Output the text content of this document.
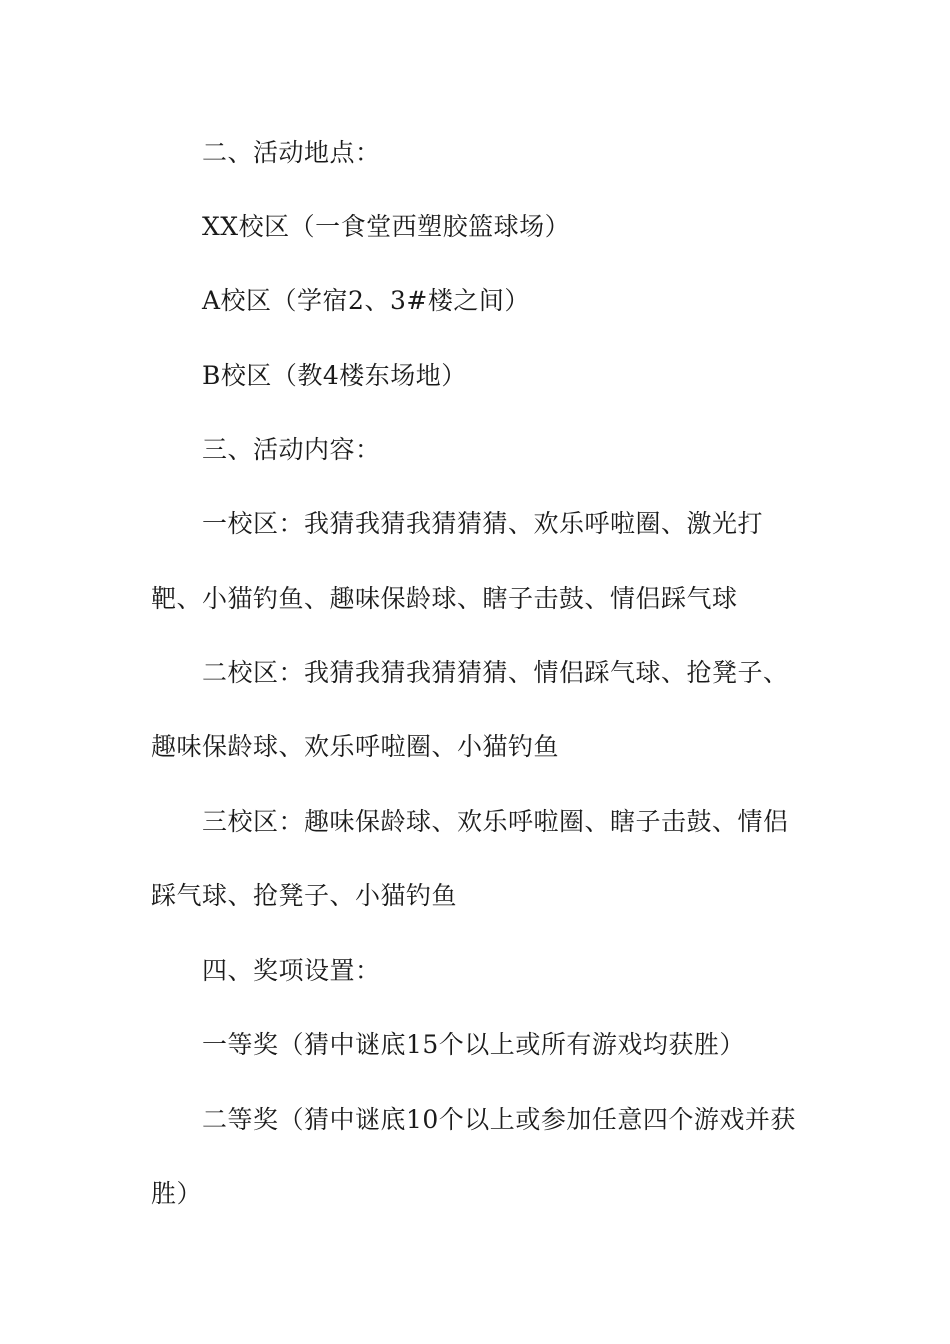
二、活动地点：
XX校区（一食堂西塑胶篮球场）
A校区（学宿2、3#楼之间）
B校区（教4楼东场地）
三、活动内容：
一校区：我猜我猜我猜猜猜、欢乐呼啦圈、激光打
靶、小猫钓鱼、趣味保龄球、瞎子击鼓、情侣踩气球
二校区：我猜我猜我猜猜猜、情侣踩气球、抢凳子、
趣味保龄球、欢乐呼啦圈、小猫钓鱼
三校区：趣味保龄球、欢乐呼啦圈、瞎子击鼓、情侣
踩气球、抢凳子、小猫钓鱼
四、奖项设置：
一等奖（猜中谜底15个以上或所有游戏均获胜）
二等奖（猜中谜底10个以上或参加任意四个游戏并获
胜）
